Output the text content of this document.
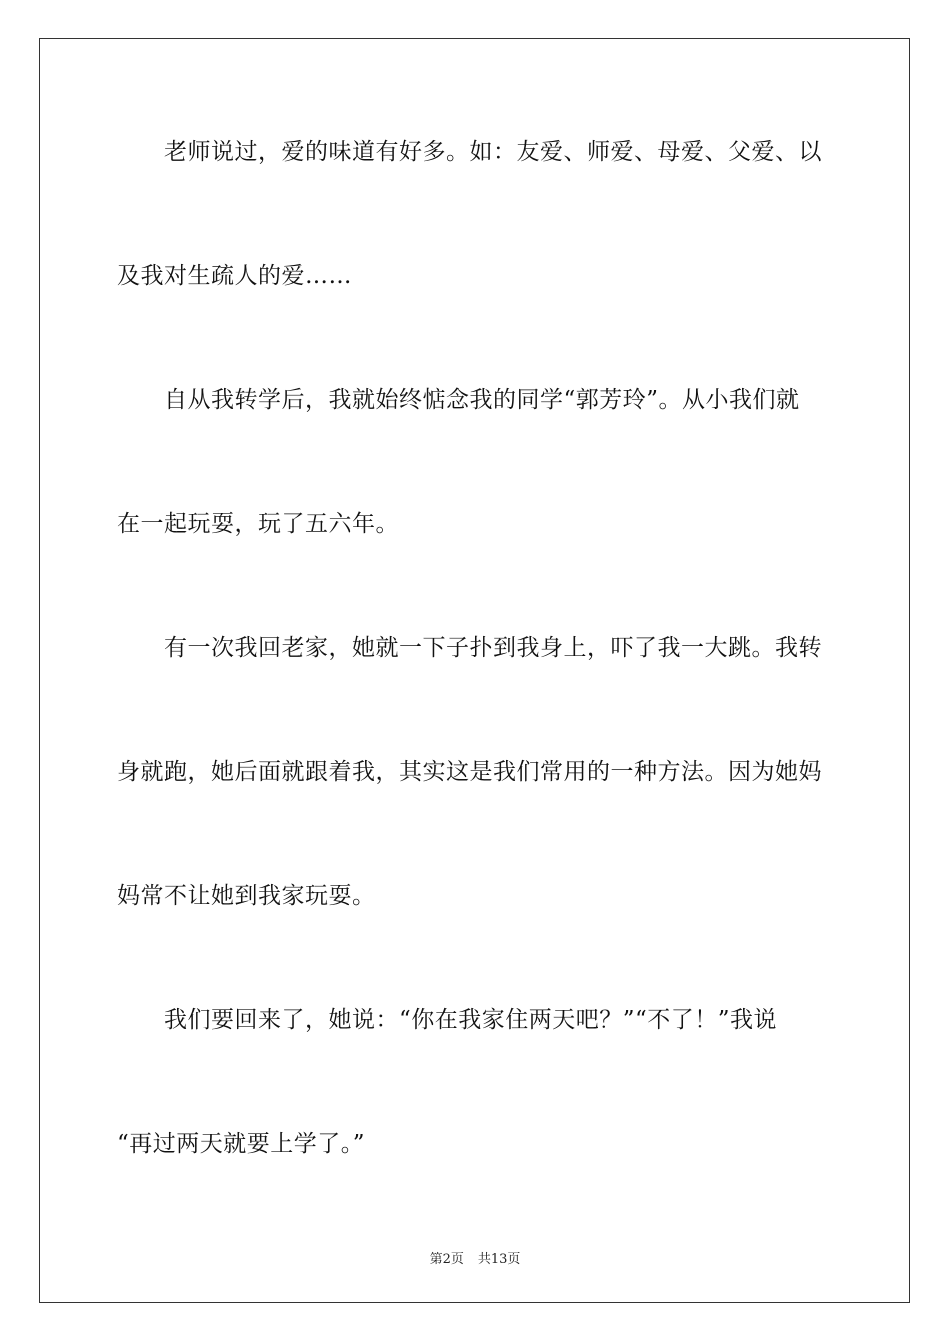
老师说过，爱的味道有好多。如：友爱、师爱、母爱、父爱、以
及我对生疏人的爱……
自从我转学后，我就始终惦念我的同学“郭芳玲”。从小我们就
在一起玩耍，玩了五六年。
有一次我回老家，她就一下子扑到我身上，吓了我一大跳。我转
身就跑，她后面就跟着我，其实这是我们常用的一种方法。因为她妈
妈常不让她到我家玩耍。
我们要回来了，她说：“你在我家住两天吧？”“不了！”我说
“再过两天就要上学了。”
第2页 共13页
